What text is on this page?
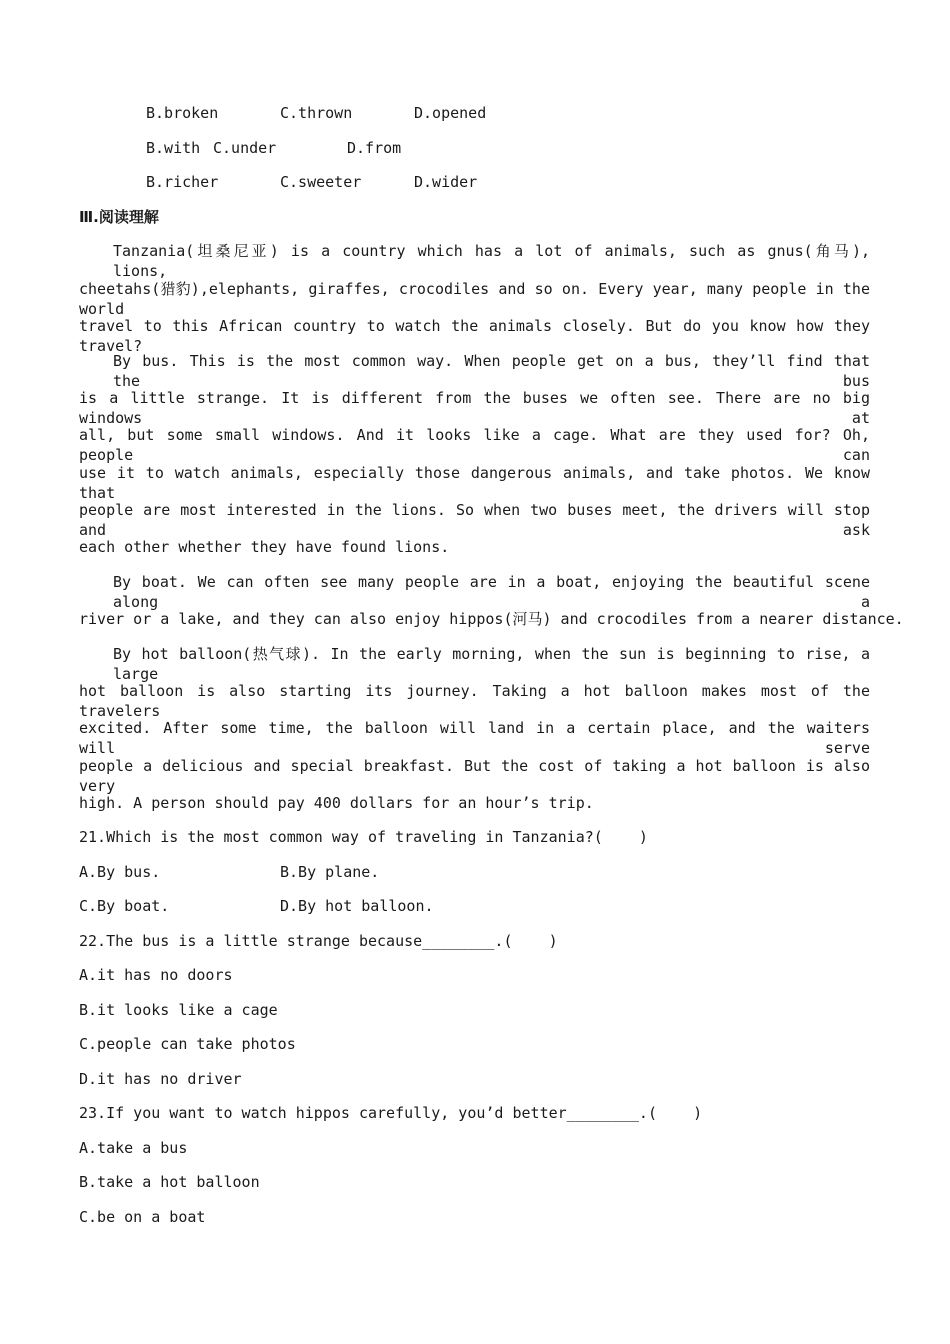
B.broken	C.thrown	D.opened
B.with C.under	D.from
B.richer	C.sweeter	D.wider
Ⅲ.阅读理解
Tanzania(坦桑尼亚) is a country which has a lot of animals, such as gnus(角马), lions,
cheetahs(猎豹),elephants, giraffes, crocodiles and so on. Every year, many people in the world
travel to this African country to watch the animals closely. But do you know how they travel?
By bus. This is the most common way. When people get on a bus, they’ll find that the bus
is a little strange. It is different from the buses we often see. There are no big windows at
all, but some small windows. And it looks like a cage. What are they used for? Oh, people can
use it to watch animals, especially those dangerous animals, and take photos. We know that
people are most interested in the lions. So when two buses meet, the drivers will stop and ask
each other whether they have found lions.
By boat. We can often see many people are in a boat, enjoying the beautiful scene along a
river or a lake, and they can also enjoy hippos(河马) and crocodiles from a nearer distance.
By hot balloon(热气球). In the early morning, when the sun is beginning to rise, a large
hot balloon is also starting its journey. Taking a hot balloon makes most of the travelers
excited. After some time, the balloon will land in a certain place, and the waiters will serve
people a delicious and special breakfast. But the cost of taking a hot balloon is also very
high. A person should pay 400 dollars for an hour’s trip.
21.Which is the most common way of traveling in Tanzania?(    )
A.By bus.	B.By plane.
C.By boat.	D.By hot balloon.
22.The bus is a little strange because________.(    )
A.it has no doors
B.it looks like a cage
C.people can take photos
D.it has no driver
23.If you want to watch hippos carefully, you’d better________.(    )
A.take a bus
B.take a hot balloon
C.be on a boat
